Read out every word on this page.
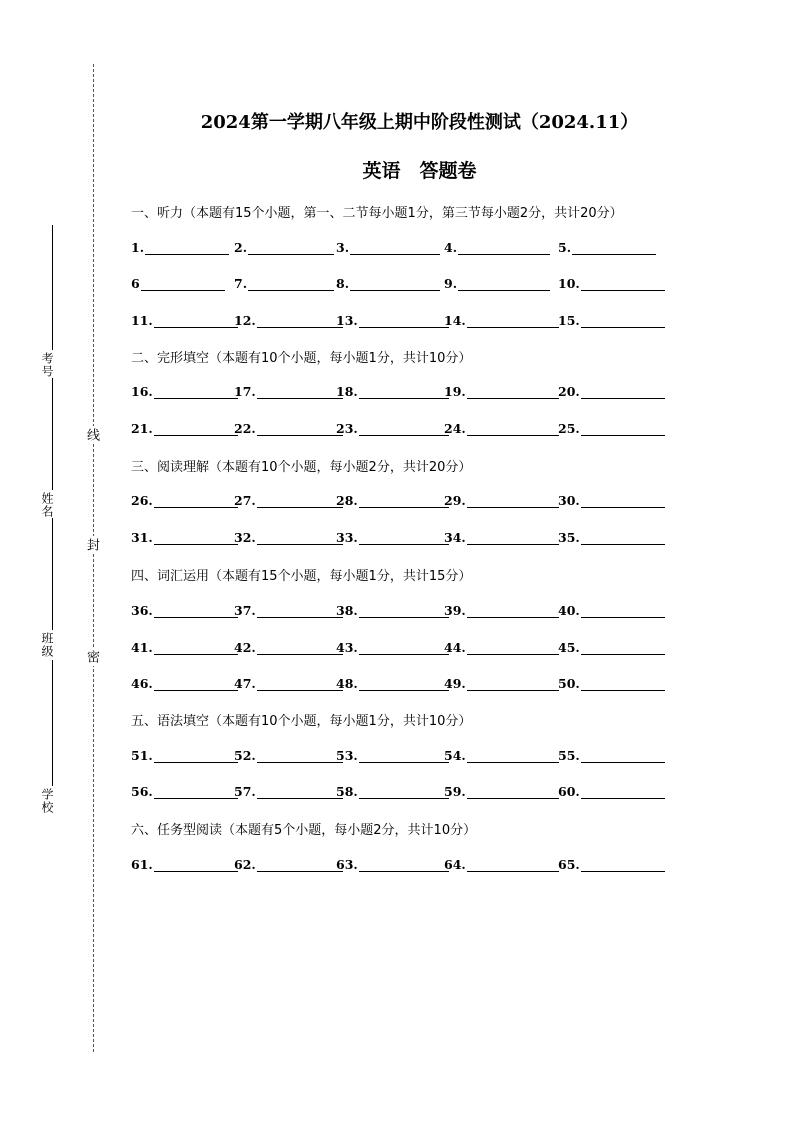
线
封
密
考号
姓名
班级
学校
2024第一学期八年级上期中阶段性测试（2024.11）
英语　答题卷
一、听力（本题有15个小题，第一、二节每小题1分，第三节每小题2分，共计20分）
1.	2.	3.	4.	5.
6	7.	8.	9.	10.
11.	12.	13.	14.	15.
二、完形填空（本题有10个小题，每小题1分，共计10分）
16.	17.	18.	19.	20.
21.	22.	23.	24.	25.
三、阅读理解（本题有10个小题，每小题2分，共计20分）
26.	27.	28.	29.	30.
31.	32.	33.	34.	35.
四、词汇运用（本题有15个小题，每小题1分，共计15分）
36.	37.	38.	39.	40.
41.	42.	43.	44.	45.
46.	47.	48.	49.	50.
五、语法填空（本题有10个小题，每小题1分，共计10分）
51.	52.	53.	54.	55.
56.	57.	58.	59.	60.
六、任务型阅读（本题有5个小题，每小题2分，共计10分）
61.	62.	63.	64.	65.
